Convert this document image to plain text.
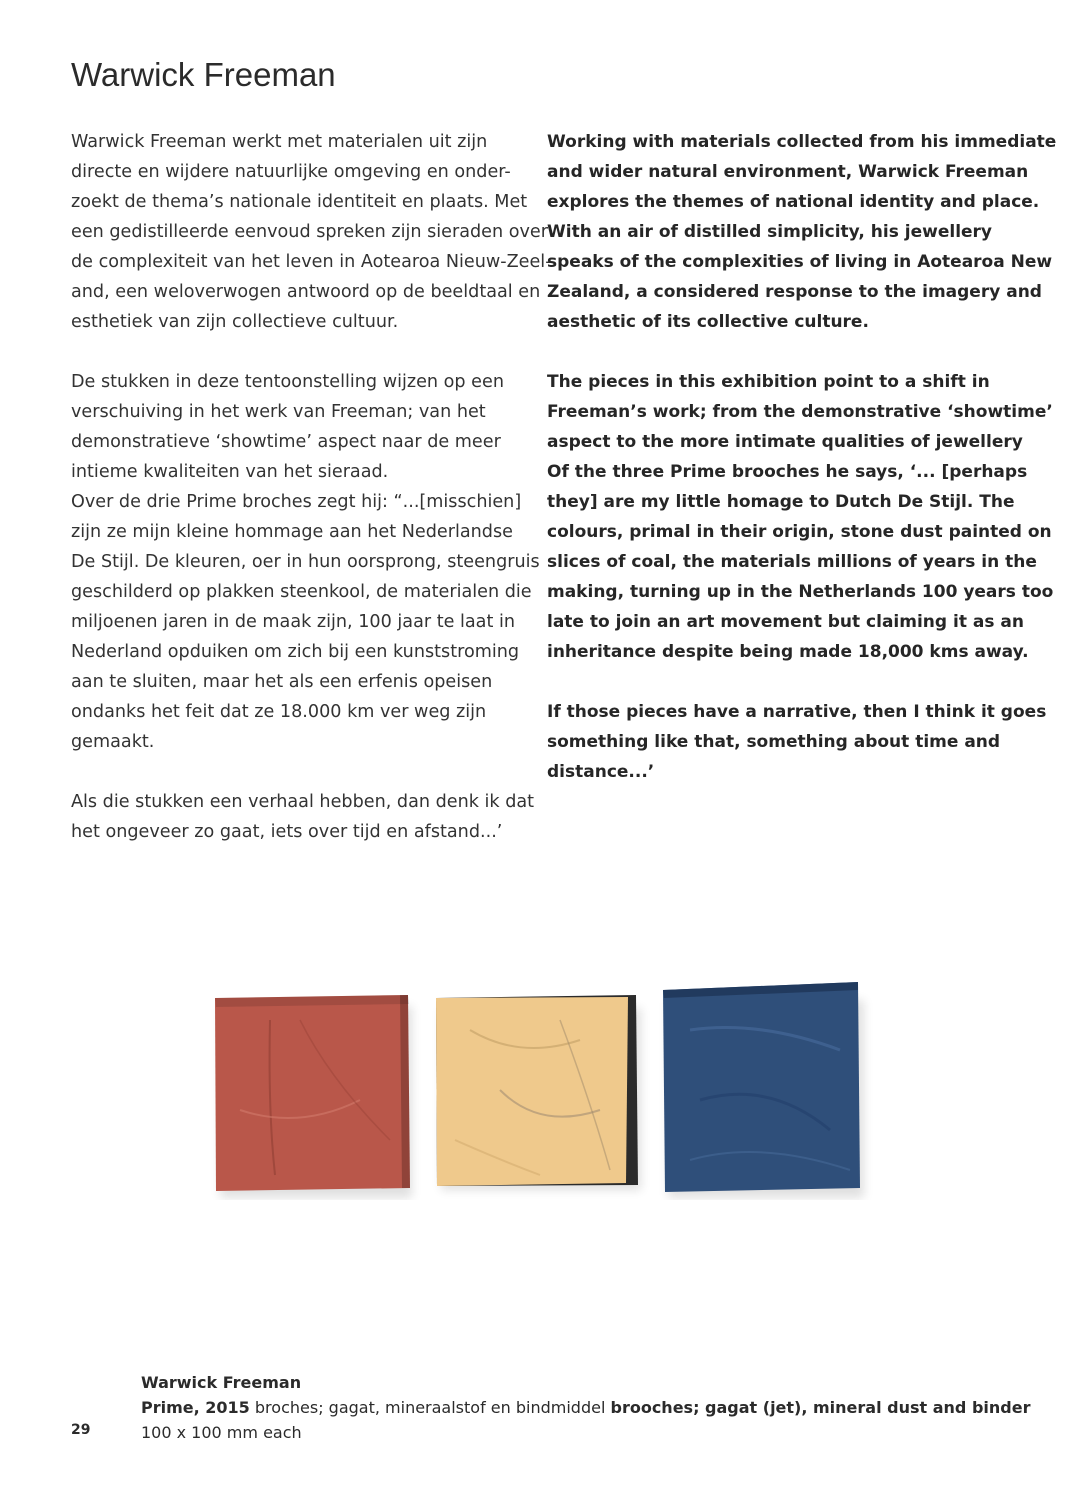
Warwick Freeman
Warwick Freeman werkt met materialen uit zijn
directe en wijdere natuurlijke omgeving en onder-
zoekt de thema’s nationale identiteit en plaats. Met
een gedistilleerde eenvoud spreken zijn sieraden over
de complexiteit van het leven in Aotearoa Nieuw-Zeel-
and, een weloverwogen antwoord op de beeldtaal en
esthetiek van zijn collectieve cultuur.
De stukken in deze tentoonstelling wijzen op een
verschuiving in het werk van Freeman; van het
demonstratieve ‘showtime’ aspect naar de meer
intieme kwaliteiten van het sieraad.
Over de drie Prime broches zegt hij: “...[misschien]
zijn ze mijn kleine hommage aan het Nederlandse
De Stijl. De kleuren, oer in hun oorsprong, steengruis
geschilderd op plakken steenkool, de materialen die
miljoenen jaren in de maak zijn, 100 jaar te laat in
Nederland opduiken om zich bij een kunststroming
aan te sluiten, maar het als een erfenis opeisen
ondanks het feit dat ze 18.000 km ver weg zijn
gemaakt.
Als die stukken een verhaal hebben, dan denk ik dat
het ongeveer zo gaat, iets over tijd en afstand...’
Working with materials collected from his immediate
and wider natural environment, Warwick Freeman
explores the themes of national identity and place.
With an air of distilled simplicity, his jewellery
speaks of the complexities of living in Aotearoa New
Zealand, a considered response to the imagery and
aesthetic of its collective culture.
The pieces in this exhibition point to a shift in
Freeman’s work; from the demonstrative ‘showtime’
aspect to the more intimate qualities of jewellery
Of the three Prime brooches he says, ‘... [perhaps
they] are my little homage to Dutch De Stijl. The
colours, primal in their origin, stone dust painted on
slices of coal, the materials millions of years in the
making, turning up in the Netherlands 100 years too
late to join an art movement but claiming it as an
inheritance despite being made 18,000 kms away.
If those pieces have a narrative, then I think it goes
something like that, something about time and
distance...’
Warwick Freeman
Prime, 2015 broches; gagat, mineraalstof en bindmiddel brooches; gagat (jet), mineral dust and binder
100 x 100 mm each
29
